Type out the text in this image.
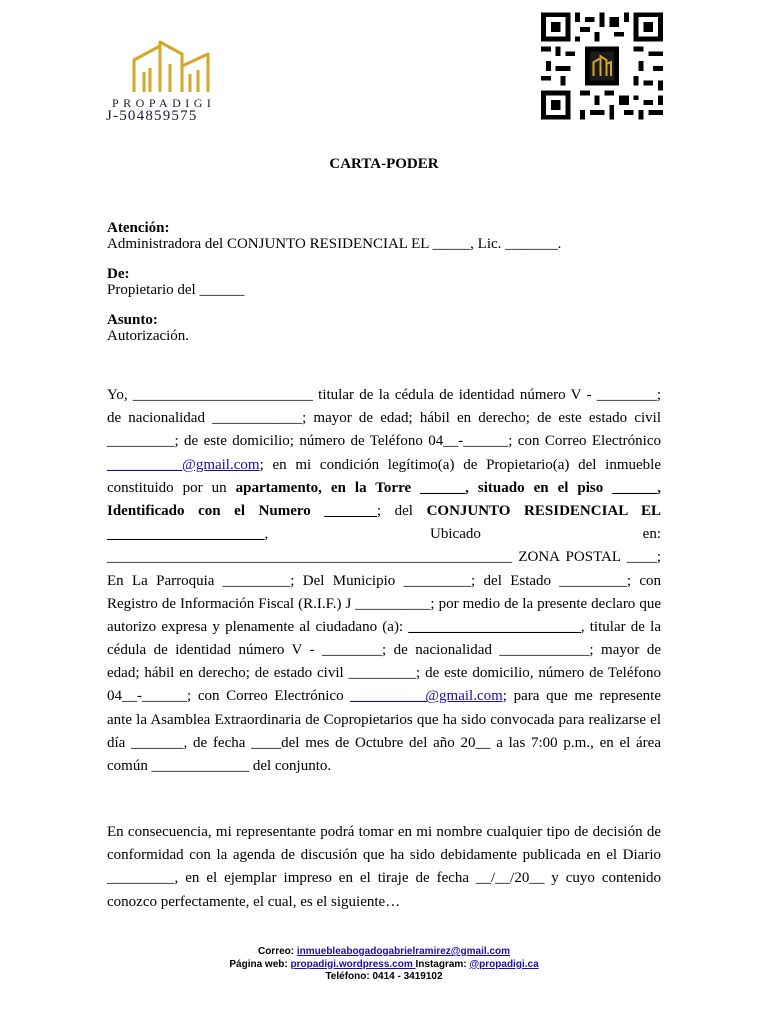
PROPADIGI
J-504859575
CARTA-PODER
Atención:
Administradora del CONJUNTO RESIDENCIAL EL _____, Lic. _______.
De:
Propietario del ______
Asunto:
Autorización.
Yo, ________________________ titular de la cédula de identidad número V - ________;
de nacionalidad ____________; mayor de edad; hábil en derecho; de este estado civil
_________; de este domicilio; número de Teléfono 04__-______; con Correo Electrónico
__________@gmail.com; en mi condición legítimo(a) de Propietario(a) del inmueble
constituido por un apartamento, en la Torre ______, situado en el piso ______,
Identificado con el Numero _______; del CONJUNTO RESIDENCIAL EL
_____________________, Ubicado en:
______________________________________________________ ZONA POSTAL ____;
En La Parroquia _________; Del Municipio _________; del Estado _________; con
Registro de Información Fiscal (R.I.F.) J __________; por medio de la presente declaro que
autorizo expresa y plenamente al ciudadano (a): _______________________, titular de la
cédula de identidad número V - ________; de nacionalidad ____________; mayor de
edad; hábil en derecho; de estado civil _________; de este domicilio, número de Teléfono
04__-______; con Correo Electrónico __________@gmail.com; para que me represente
ante la Asamblea Extraordinaria de Copropietarios que ha sido convocada para realizarse el
día _______, de fecha ____del mes de Octubre del año 20__ a las 7:00 p.m., en el área
común _____________ del conjunto.
En consecuencia, mi representante podrá tomar en mi nombre cualquier tipo de decisión de
conformidad con la agenda de discusión que ha sido debidamente publicada en el Diario
_________, en el ejemplar impreso en el tiraje de fecha __/__/20__ y cuyo contenido
conozco perfectamente, el cual, es el siguiente…
Correo: inmuebleabogadogabrielramirez@gmail.com
Página web: propadigi.wordpress.com Instagram: @propadigi.ca
Teléfono: 0414 - 3419102
